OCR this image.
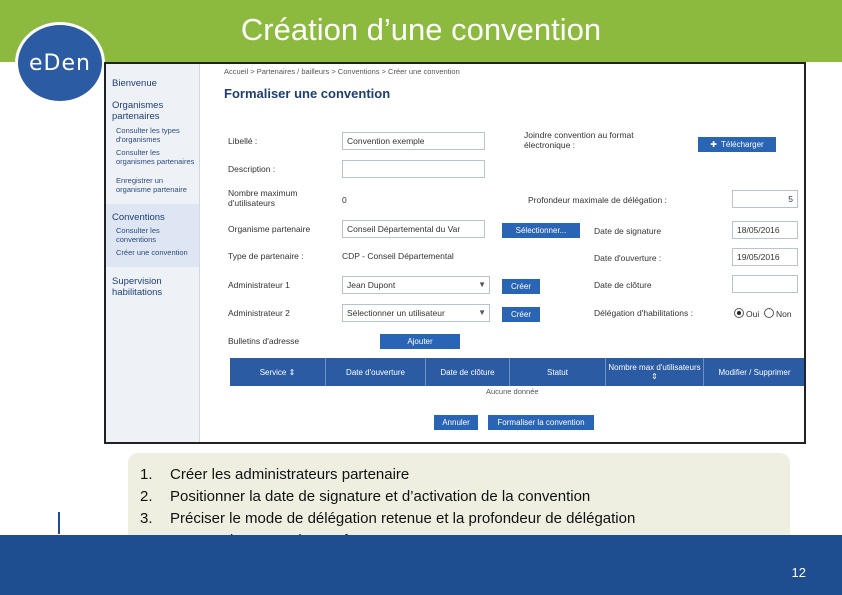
Création d’une convention
eDen
Bienvenue
Organismes partenaires
Consulter les types d'organismes
Consulter les organismes partenaires
Enregistrer un organisme partenaire
Conventions
Consulter les conventions
Créer une convention
Supervision habilitations
Accueil > Partenaires / bailleurs > Conventions > Créer une convention
Formaliser une convention
Libellé :	Convention exemple
Description :
Nombre maximum d'utilisateurs	0
Organisme partenaire	Conseil Départemental du Var	Sélectionner...
Type de partenaire :	CDP - Conseil Départemental
Administrateur 1	Jean Dupont	▼	Créer
Administrateur 2	Sélectionner un utilisateur	▼	Créer
Bulletins d'adresse	Ajouter
Joindre convention au format électronique :	✚ Télécharger
Profondeur maximale de délégation :	5
Date de signature	18/05/2016
Date d'ouverture :	19/05/2016
Date de clôture
Délégation d'habilitations :	Oui Non
Service ⇕	Date d'ouverture	Date de clôture	Statut	Nombre max d'utilisateurs ⇕	Modifier / Supprimer
Aucune donnée
Annuler	Formaliser la convention
1. Créer les administrateurs partenaire
2. Positionner la date de signature et d’activation de la convention
3. Préciser le mode de délégation retenue et la profondeur de délégation
12
